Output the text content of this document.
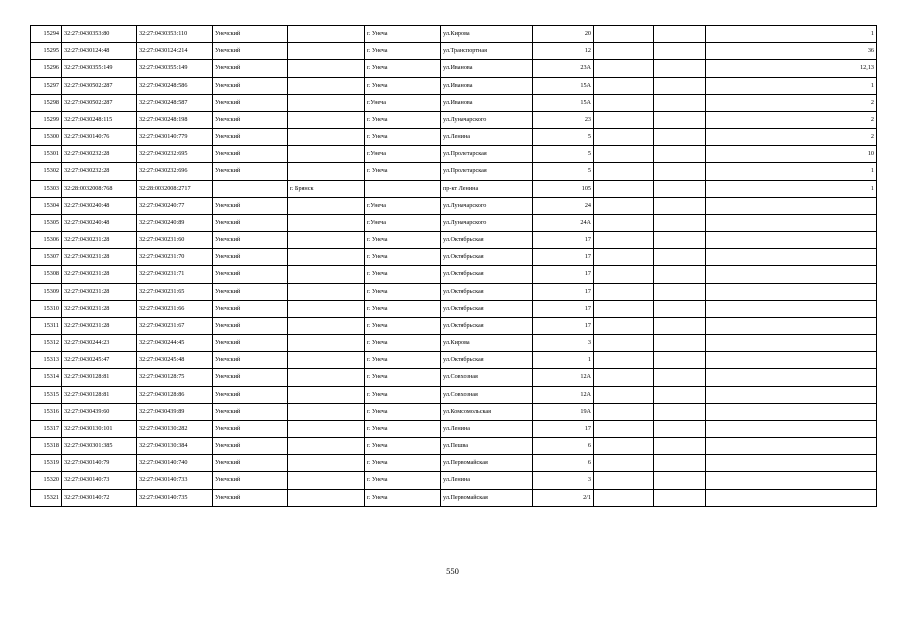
15294	32:27:0430353:80	32:27:0430353:110	Унечский		г. Унеча	ул.Кирова	20			1
15295	32:27:0430124:48	32:27:0430124:214	Унечский		г. Унеча	ул.Транспортная	12			36
15296	32:27:0430355:149	32:27:0430355:149	Унечский		г. Унеча	ул.Иванова	23А			12,13
15297	32:27:0430502:287	32:27:0430248:586	Унечский		г. Унеча	ул.Иванова	15А			1
15298	32:27:0430502:287	32:27:0430248:587	Унечский		г.Унеча	ул.Иванова	15А			2
15299	32:27:0430248:115	32:27:0430248:198	Унечский		г. Унеча	ул.Луначарского	23			2
15300	32:27:0430140:76	32:27:0430140:779	Унечский		г. Унеча	ул.Ленина	5			2
15301	32:27:0430232:28	32:27:0430232:695	Унечский		г.Унеча	ул.Пролетарская	5			10
15302	32:27:0430232:28	32:27:0430232:696	Унечский		г. Унеча	ул.Пролетарская	5			1
15303	32:28:0032008:768	32:28:0032008:2717		г. Брянск		пр-кт Ленина	105			1
15304	32:27:0430240:48	32:27:0430240:77	Унечский		г.Унеча	ул.Луначарского	24			
15305	32:27:0430240:48	32:27:0430240:89	Унечский		г.Унеча	ул.Луначарского	24А			
15306	32:27:0430231:28	32:27:0430231:60	Унечский		г. Унеча	ул.Октябрьская	17			
15307	32:27:0430231:28	32:27:0430231:70	Унечский		г. Унеча	ул.Октябрьская	17			
15308	32:27:0430231:28	32:27:0430231:71	Унечский		г. Унеча	ул.Октябрьская	17			
15309	32:27:0430231:28	32:27:0430231:65	Унечский		г. Унеча	ул.Октябрьская	17			
15310	32:27:0430231:28	32:27:0430231:66	Унечский		г. Унеча	ул.Октябрьская	17			
15311	32:27:0430231:28	32:27:0430231:67	Унечский		г. Унеча	ул.Октябрьская	17			
15312	32:27:0430244:23	32:27:0430244:45	Унечский		г. Унеча	ул.Кирова	3			
15313	32:27:0430245:47	32:27:0430245:48	Унечский		г. Унеча	ул.Октябрьская	1			
15314	32:27:0430128:81	32:27:0430128:75	Унечский		г. Унеча	ул.Совхозная	12А			
15315	32:27:0430128:81	32:27:0430128:86	Унечский		г. Унеча	ул.Совхозная	12А			
15316	32:27:0430439:60	32:27:0430439:89	Унечский		г. Унеча	ул.Комсомольская	19А			
15317	32:27:0430130:101	32:27:0430130:282	Унечский		г. Унеча	ул.Ленина	17			
15318	32:27:0430301:385	32:27:0430130:384	Унечский		г. Унеча	ул.Пешва	6			
15319	32:27:0430140:79	32:27:0430140:740	Унечский		г. Унеча	ул.Первомайская	6			
15320	32:27:0430140:73	32:27:0430140:733	Унечский		г. Унеча	ул.Ленина	3			
15321	32:27:0430140:72	32:27:0430140:735	Унечский		г. Унеча	ул.Первомайская	2/1			
550
